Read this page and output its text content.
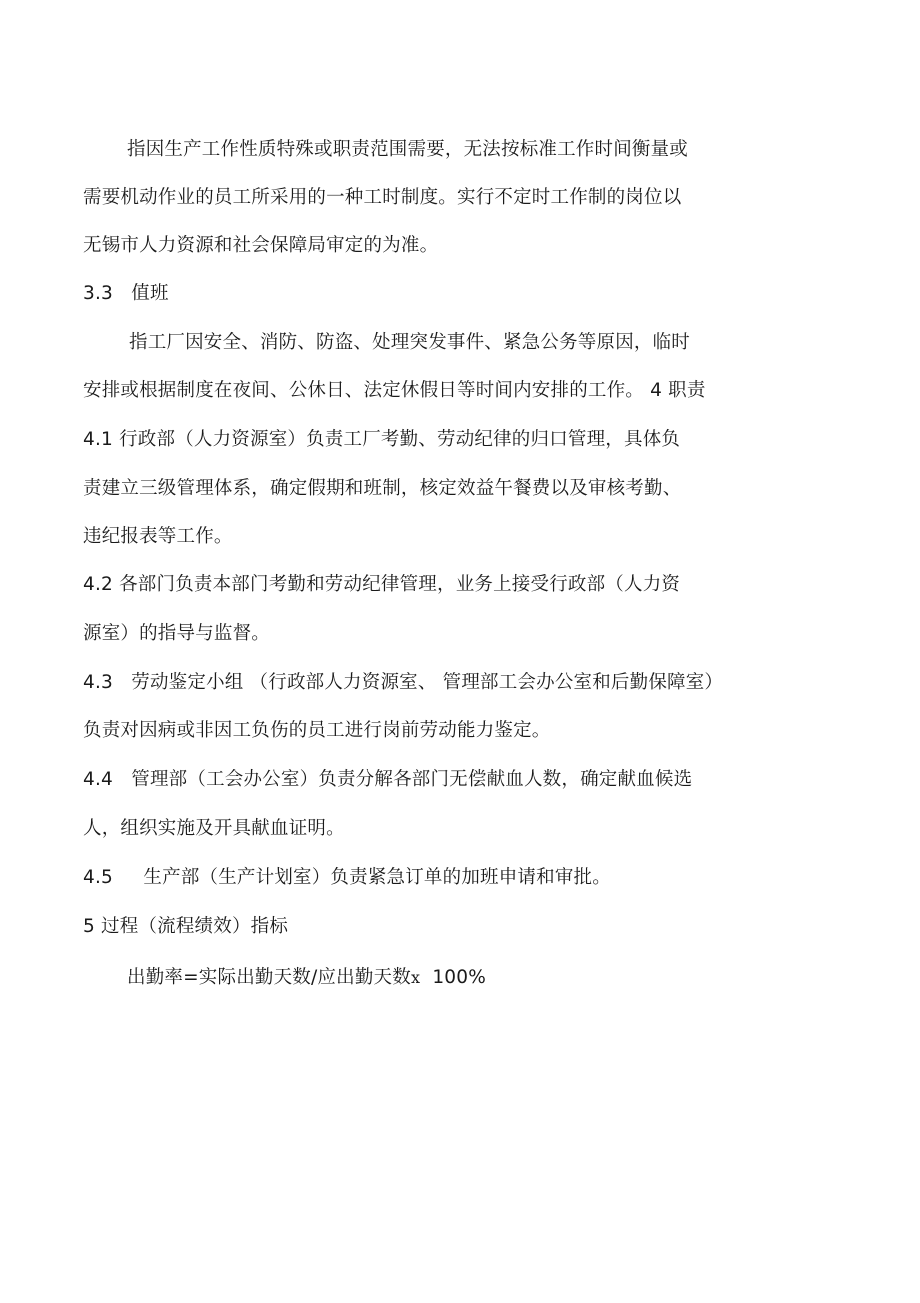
指因生产工作性质特殊或职责范围需要，无法按标准工作时间衡量或
需要机动作业的员工所采用的一种工时制度。实行不定时工作制的岗位以
无锡市人力资源和社会保障局审定的为准。
3.3   值班
指工厂因安全、消防、防盗、处理突发事件、紧急公务等原因，临时
安排或根据制度在夜间、公休日、法定休假日等时间内安排的工作。 4 职责
4.1 行政部（人力资源室）负责工厂考勤、劳动纪律的归口管理，具体负
责建立三级管理体系，确定假期和班制，核定效益午餐费以及审核考勤、
违纪报表等工作。
4.2 各部门负责本部门考勤和劳动纪律管理，业务上接受行政部（人力资
源室）的指导与监督。
4.3   劳动鉴定小组 （行政部人力资源室、 管理部工会办公室和后勤保障室）
负责对因病或非因工负伤的员工进行岗前劳动能力鉴定。
4.4   管理部（工会办公室）负责分解各部门无偿献血人数，确定献血候选
人，组织实施及开具献血证明。
4.5     生产部（生产计划室）负责紧急订单的加班申请和审批。
5 过程（流程绩效）指标
出勤率=实际出勤天数/应出勤天数x  100%
